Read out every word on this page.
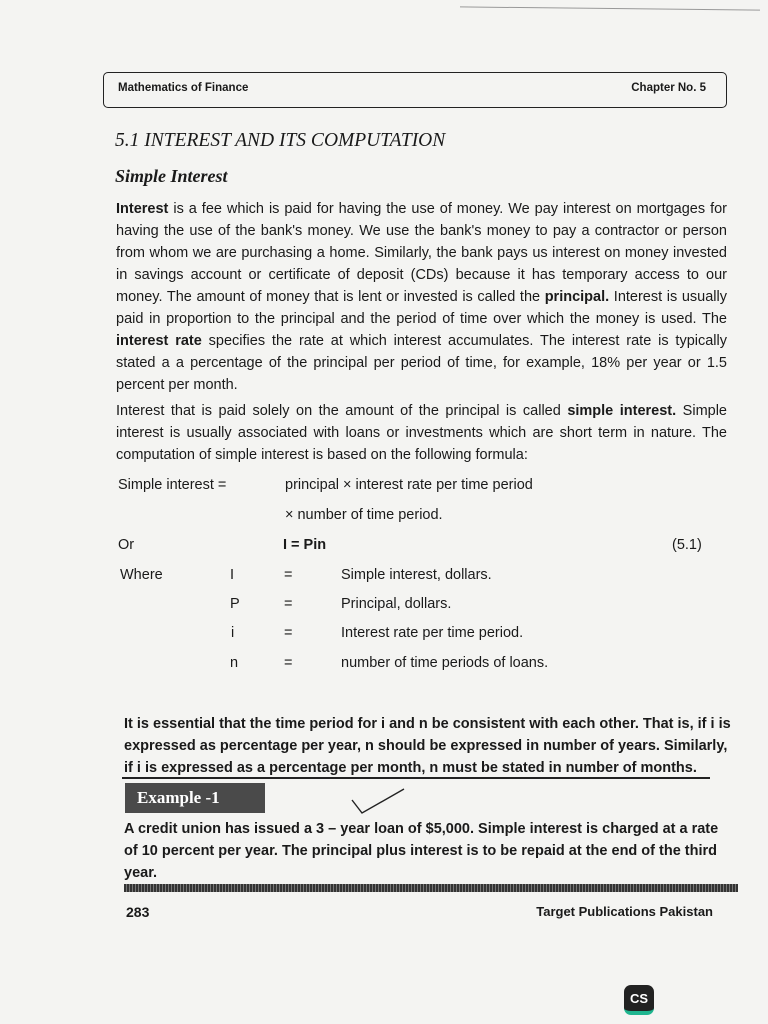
Mathematics of Finance	Chapter No. 5
5.1 INTEREST AND ITS COMPUTATION
Simple Interest
Interest is a fee which is paid for having the use of money. We pay interest on mortgages for having the use of the bank's money. We use the bank's money to pay a contractor or person from whom we are purchasing a home. Similarly, the bank pays us interest on money invested in savings account or certificate of deposit (CDs) because it has temporary access to our money. The amount of money that is lent or invested is called the principal. Interest is usually paid in proportion to the principal and the period of time over which the money is used. The interest rate specifies the rate at which interest accumulates. The interest rate is typically stated a a percentage of the principal per period of time, for example, 18% per year or 1.5 percent per month.
Interest that is paid solely on the amount of the principal is called simple interest. Simple interest is usually associated with loans or investments which are short term in nature. The computation of simple interest is based on the following formula:
Simple interest =	principal × interest rate per time period
× number of time period.
Or	I = Pin	(5.1)
Where	I	=	Simple interest, dollars.
P	=	Principal, dollars.
i	=	Interest rate per time period.
n	=	number of time periods of loans.
It is essential that the time period for i and n be consistent with each other. That is, if i is expressed as percentage per year, n should be expressed in number of years. Similarly, if i is expressed as a percentage per month, n must be stated in number of months.
Example -1
A credit union has issued a 3 – year loan of $5,000. Simple interest is charged at a rate of 10 percent per year. The principal plus interest is to be repaid at the end of the third year.
283	Target Publications Pakistan
CS
